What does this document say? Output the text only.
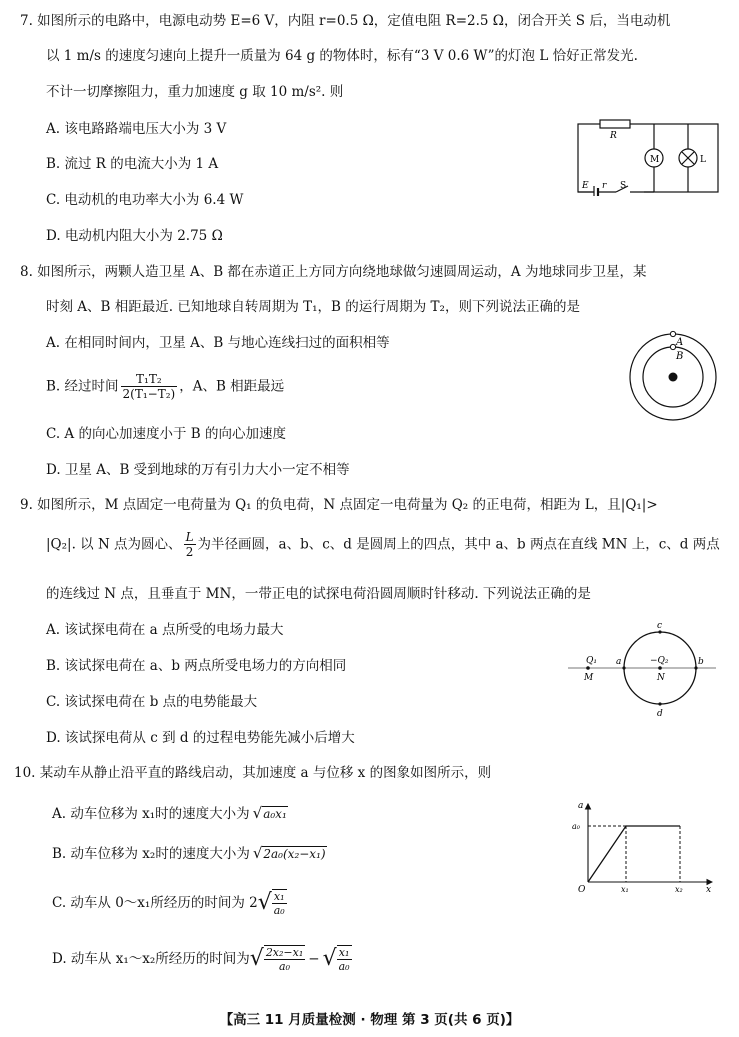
7. 如图所示的电路中，电源电动势 E=6 V，内阻 r=0.5 Ω，定值电阻 R=2.5 Ω，闭合开关 S 后，当电动机
以 1 m/s 的速度匀速向上提升一质量为 64 g 的物体时，标有“3 V 0.6 W”的灯泡 L 恰好正常发光.
不计一切摩擦阻力，重力加速度 g 取 10 m/s². 则
A. 该电路路端电压大小为 3 V
B. 流过 R 的电流大小为 1 A
C. 电动机的电功率大小为 6.4 W
D. 电动机内阻大小为 2.75 Ω
R
M	L
E r S
8. 如图所示，两颗人造卫星 A、B 都在赤道正上方同方向绕地球做匀速圆周运动，A 为地球同步卫星，某
时刻 A、B 相距最近. 已知地球自转周期为 T₁，B 的运行周期为 T₂，则下列说法正确的是
A. 在相同时间内，卫星 A、B 与地心连线扫过的面积相等
B. 经过时间 $\frac{\text{T₁T₂}}{\text{2(T₁−T₂)}}$ ，A、B 相距最远
C. A 的向心加速度小于 B 的向心加速度
D. 卫星 A、B 受到地球的万有引力大小一定不相等
A
B
9. 如图所示，M 点固定一电荷量为 Q₁ 的负电荷，N 点固定一电荷量为 Q₂ 的正电荷，相距为 L，且|Q₁|>
|Q₂|. 以 N 点为圆心、 $\frac{L}{2}$ 为半径画圆，a、b、c、d 是圆周上的四点，其中 a、b 两点在直线 MN 上，c、d 两点
的连线过 N 点，且垂直于 MN，一带正电的试探电荷沿圆周顺时针移动. 下列说法正确的是
A. 该试探电荷在 a 点所受的电场力最大
B. 该试探电荷在 a、b 两点所受电场力的方向相同
C. 该试探电荷在 b 点的电势能最大
D. 该试探电荷从 c 到 d 的过程电势能先减小后增大
Q₁
M
a	−Q₂
N
b
c
d
10. 某动车从静止沿平直的路线启动，其加速度 a 与位移 x 的图象如图所示，则
A. 动车位移为 x₁时的速度大小为 √a₀x₁
B. 动车位移为 x₂时的速度大小为 √2a₀(x₂−x₁)
C. 动车从 0～x₁所经历的时间为 $2√ \frac{\text{x₁}}{\text{a₀}}$
D. 动车从 x₁～x₂所经历的时间为√ $\frac{\text{2x₂−x₁}}{\text{a₀}}$ − √ $\frac{\text{x₁}}{\text{a₀}}$
a
a₀
O	x₁	x₂	x
【高三 11 月质量检测 · 物理 第 3 页(共 6 页)】
